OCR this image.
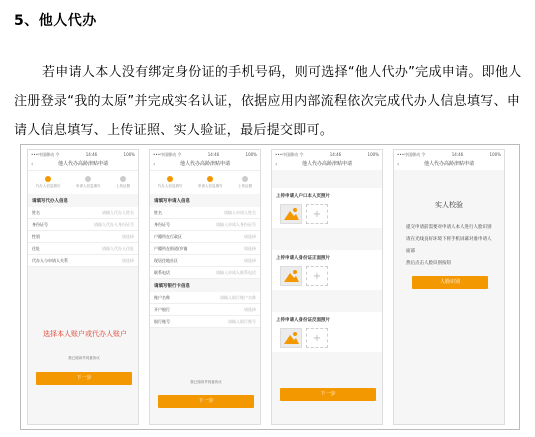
5、他人代办
若申请人本人没有绑定身份证的手机号码，则可选择“他人代办”完成申请。即他人注册登录“我的太原”并完成实名认证，依据应用内部流程依次完成代办人信息填写、申请人信息填写、上传证照、实人验证，最后提交即可。
•••中国移动 令	14:46	100%
‹	他人代办高龄津贴申请
代办人信息填写	申请人信息填写	上传证照
请填写代办人信息
姓名	请输入代办人姓名
身份证号	请输入代办人身份证号
性别	请选择
住址	请输入代办人住址
代办人与申请人关系	请选择
我已阅读并同意协议
下一步
•••中国移动 令	14:46	100%
‹	他人代办高龄津贴申请
代办人信息填写	申请人信息填写	上传证照
请填写申请人信息
姓名	请输入申请人姓名
身份证号	请输入申请人身份证号
户籍所在行政区	请选择
户籍所在街道/乡镇	请选择
现居住地社区	请选择
联系电话	请输入申请人联系电话
请填写银行卡信息
账户名称	请输入银行账户名称
开户银行	请选择
银行账号	请输入银行账号
我已阅读并同意协议
下一步
选择本人账户或代办人账户
•••中国移动 令	14:46	100%
‹	他人代办高龄津贴申请
上传申请人户口本人页照片
+
上传申请人身份证正面照片
+
上传申请人身份证反面照片
+
下一步
•••中国移动 令	14:46	100%
‹	他人代办高龄津贴申请
实人校验
提交申请前需要对申请人本人进行人脸识别
请在光线良好环境下将手机屏幕对准申请人面部
然后点击人脸识别按钮
人脸识别
